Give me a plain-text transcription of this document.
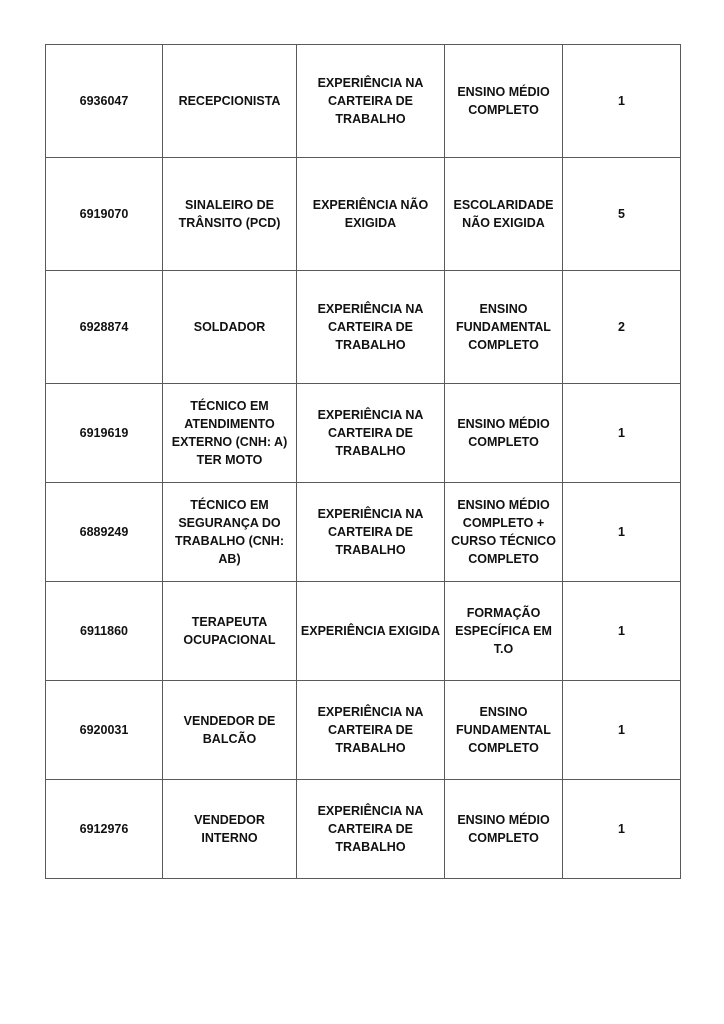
6936047	RECEPCIONISTA	EXPERIÊNCIA NA
CARTEIRA DE
TRABALHO	ENSINO MÉDIO
COMPLETO	1
6919070	SINALEIRO DE
TRÂNSITO (PCD)	EXPERIÊNCIA NÃO
EXIGIDA	ESCOLARIDADE
NÃO EXIGIDA	5
6928874	SOLDADOR	EXPERIÊNCIA NA
CARTEIRA DE
TRABALHO	ENSINO
FUNDAMENTAL
COMPLETO	2
6919619	TÉCNICO EM
ATENDIMENTO
EXTERNO (CNH: A)
TER MOTO	EXPERIÊNCIA NA
CARTEIRA DE
TRABALHO	ENSINO MÉDIO
COMPLETO	1
6889249	TÉCNICO EM
SEGURANÇA DO
TRABALHO (CNH: AB)	EXPERIÊNCIA NA
CARTEIRA DE
TRABALHO	ENSINO MÉDIO
COMPLETO +
CURSO TÉCNICO
COMPLETO	1
6911860	TERAPEUTA
OCUPACIONAL	EXPERIÊNCIA EXIGIDA	FORMAÇÃO
ESPECÍFICA EM T.O	1
6920031	VENDEDOR DE
BALCÃO	EXPERIÊNCIA NA
CARTEIRA DE
TRABALHO	ENSINO
FUNDAMENTAL
COMPLETO	1
6912976	VENDEDOR INTERNO	EXPERIÊNCIA NA
CARTEIRA DE
TRABALHO	ENSINO MÉDIO
COMPLETO	1
